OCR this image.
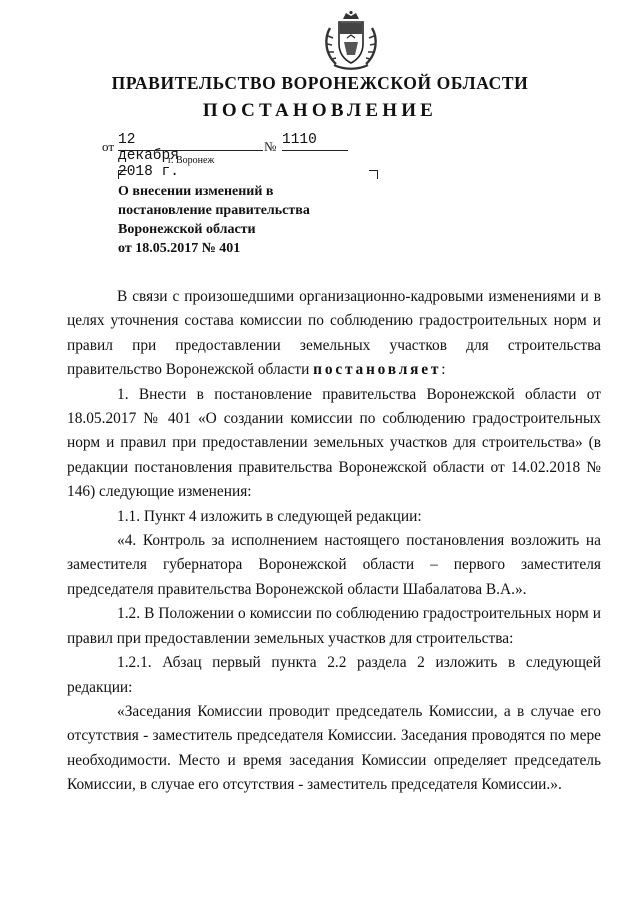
ПРАВИТЕЛЬСТВО ВОРОНЕЖСКОЙ ОБЛАСТИ
ПОСТАНОВЛЕНИЕ
от 12 декабря 2018 г.
№ 1110
г. Воронеж
О внесении изменений в
постановление правительства
Воронежской области
от 18.05.2017 № 401

В связи с произошедшими организационно-кадровыми изменениями и в целях уточнения состава комиссии по соблюдению градостроительных норм и правил при предоставлении земельных участков для строительства правительство Воронежской области постановляет:

1. Внести в постановление правительства Воронежской области от 18.05.2017 № 401 «О создании комиссии по соблюдению градостроительных норм и правил при предоставлении земельных участков для строительства» (в редакции постановления правительства Воронежской области от 14.02.2018 № 146) следующие изменения:

1.1. Пункт 4 изложить в следующей редакции:

«4. Контроль за исполнением настоящего постановления возложить на заместителя губернатора Воронежской области – первого заместителя председателя правительства Воронежской области Шабалатова В.А.».

1.2. В Положении о комиссии по соблюдению градостроительных норм и правил при предоставлении земельных участков для строительства:

1.2.1. Абзац первый пункта 2.2 раздела 2 изложить в следующей редакции:

«Заседания Комиссии проводит председатель Комиссии, а в случае его отсутствия - заместитель председателя Комиссии. Заседания проводятся по мере необходимости. Место и время заседания Комиссии определяет председатель Комиссии, в случае его отсутствия - заместитель председателя Комиссии.».
